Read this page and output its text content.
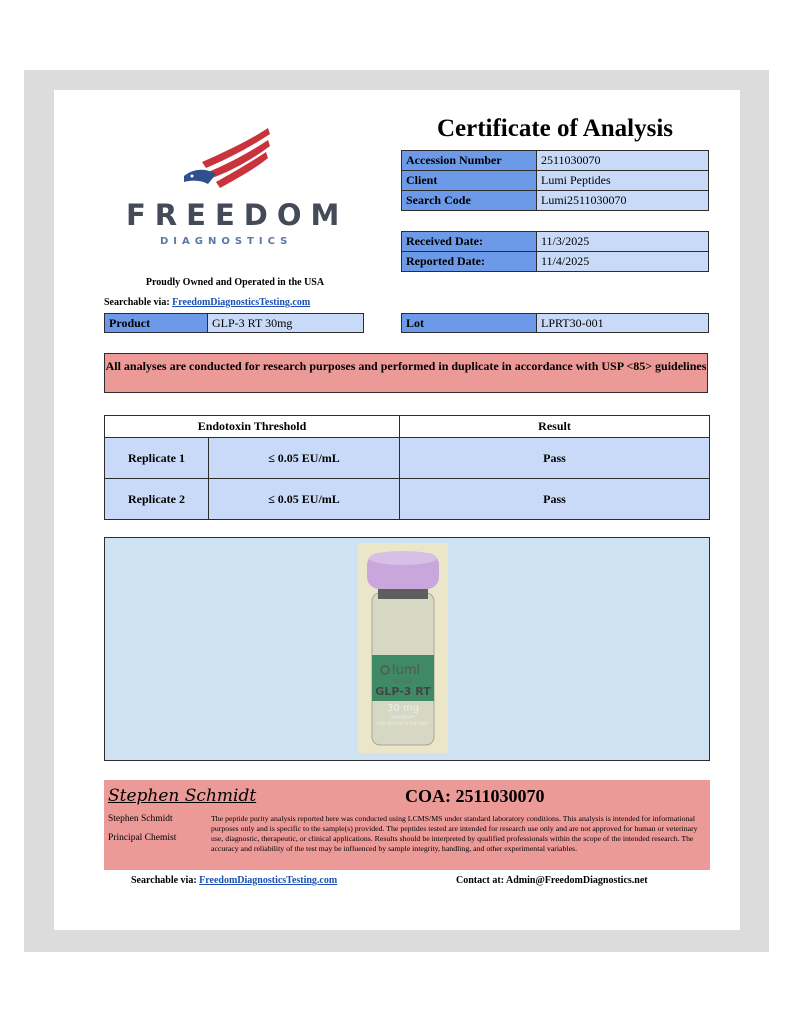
FREEDOM
DIAGNOSTICS
Proudly Owned and Operated in the USA
Searchable via: FreedomDiagnosticsTesting.com
Certificate of Analysis
Accession Number	2511030070
Client	Lumi Peptides
Search Code	Lumi2511030070
Received Date:	11/3/2025
Reported Date:	11/4/2025
Product	GLP-3 RT 30mg	Lot	LPRT30-001
All analyses are conducted for research purposes and performed in duplicate in accordance with USP <85> guidelines
Endotoxin Threshold		Result
Replicate 1	≤ 0.05 EU/mL	Pass
Replicate 2	≤ 0.05 EU/mL	Pass
lumi
PEPTIDES
GLP-3 RT
30 mg
99% PURITY
FOR RESEARCH USE ONLY
Stephen Schmidt	COA: 2511030070
Stephen Schmidt
Principal Chemist
The peptide purity analysis reported here was conducted using LCMS/MS under standard laboratory conditions. This analysis is intended for informational purposes only and is specific to the sample(s) provided. The peptides tested are intended for research use only and are not approved for human or veterinary use, diagnostic, therapeutic, or clinical applications. Results should be interpreted by qualified professionals within the scope of the intended research. The accuracy and reliability of the test may be influenced by sample integrity, handling, and other experimental variables.
Searchable via: FreedomDiagnosticsTesting.com	Contact at: Admin@FreedomDiagnostics.net
